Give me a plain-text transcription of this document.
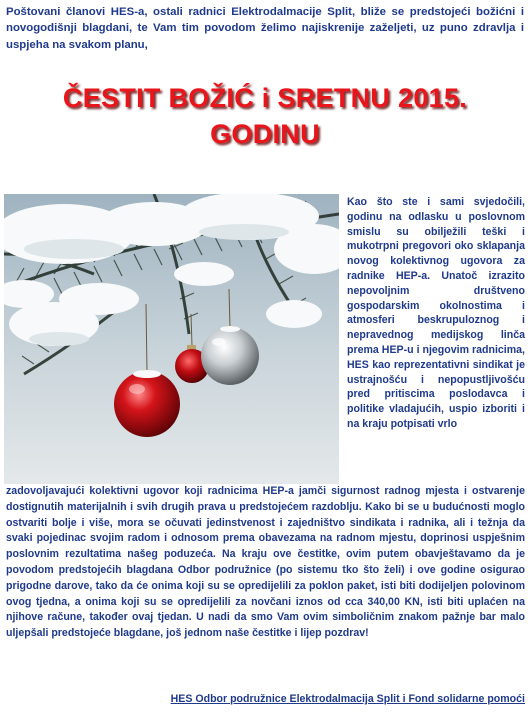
Poštovani članovi HES-a, ostali radnici Elektrodalmacije Split, bliže se predstojeći božićni i novogodišnji blagdani, te Vam tim povodom želimo najiskrenije zaželjeti, uz puno zdravlja i uspjeha na svakom planu,
ČESTIT BOŽIĆ i SRETNU 2015.
GODINU
Kao što ste i sami svjedočili, godinu na odlasku u poslovnom smislu su obilježili teški i mukotrpni pregovori oko sklapanja novog kolektivnog ugovora za radnike HEP-a. Unatoč izrazito nepovoljnim društveno gospodarskim okolnostima i atmosferi beskrupuloznog i nepravednog medijskog linča prema HEP-u i njegovim radnicima, HES kao reprezentativni sindikat je ustrajnošću i nepopustljivošću pred pritiscima poslodavca i politike vladajućih, uspio izboriti i na kraju potpisati vrlo
zadovoljavajući kolektivni ugovor koji radnicima HEP-a jamči sigurnost radnog mjesta i ostvarenje dostignutih materijalnih i svih drugih prava u predstojećem razdoblju. Kako bi se u budućnosti moglo ostvariti bolje i više, mora se očuvati jedinstvenost i zajedništvo sindikata i radnika, ali i težnja da svaki pojedinac svojim radom i odnosom prema obavezama na radnom mjestu, doprinosi uspješnim poslovnim rezultatima našeg poduzeća. Na kraju ove čestitke, ovim putem obavještavamo da je povodom predstojećih blagdana Odbor podružnice (po sistemu tko što želi) i ove godine osigurao prigodne darove, tako da će onima koji su se opredijelili za poklon paket, isti biti dodijeljen polovinom ovog tjedna, a onima koji su se opredijelili za novčani iznos od cca 340,00 KN, isti biti uplaćen na njihove račune, također ovaj tjedan. U nadi da smo Vam ovim simboličnim znakom pažnje bar malo uljepšali predstojeće blagdane, još jednom naše čestitke i lijep pozdrav!
HES Odbor podružnice Elektrodalmacija Split i Fond solidarne pomoći
